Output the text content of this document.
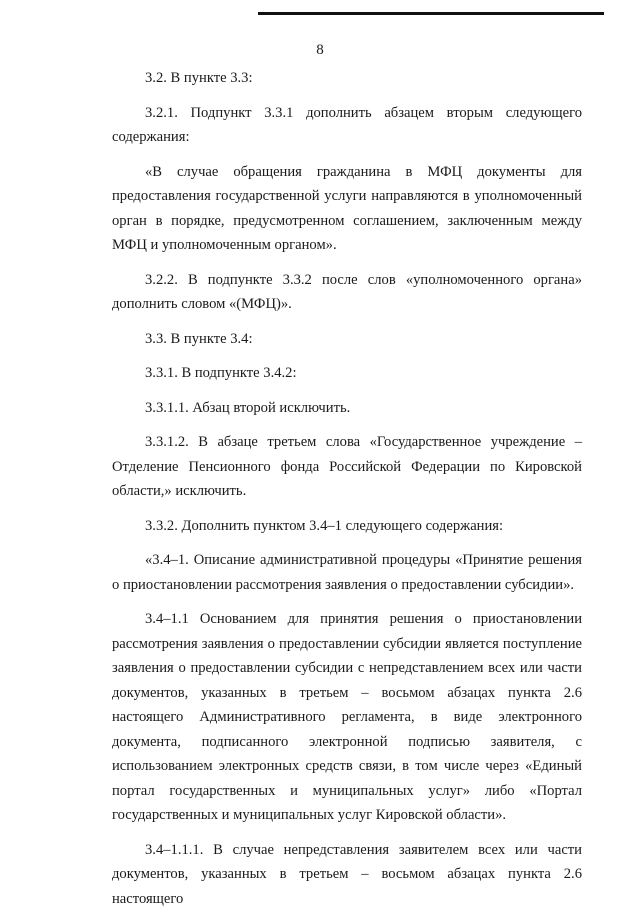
8

3.2. В пункте 3.3:

3.2.1. Подпункт 3.3.1 дополнить абзацем вторым следующего содержания:

«В случае обращения гражданина в МФЦ документы для предоставления государственной услуги направляются в уполномоченный орган в порядке, предусмотренном соглашением, заключенным между МФЦ и уполномоченным органом».

3.2.2. В подпункте 3.3.2 после слов «уполномоченного органа» дополнить словом «(МФЦ)».

3.3. В пункте 3.4:

3.3.1. В подпункте 3.4.2:

3.3.1.1. Абзац второй исключить.

3.3.1.2. В абзаце третьем слова «Государственное учреждение – Отделение Пенсионного фонда Российской Федерации по Кировской области,» исключить.

3.3.2. Дополнить пунктом 3.4–1 следующего содержания:

«3.4–1. Описание административной процедуры «Принятие решения о приостановлении рассмотрения заявления о предоставлении субсидии».

3.4–1.1 Основанием для принятия решения о приостановлении рассмотрения заявления о предоставлении субсидии является поступление заявления о предоставлении субсидии с непредставлением всех или части документов, указанных в третьем – восьмом абзацах пункта 2.6 настоящего Административного регламента, в виде электронного документа, подписанного электронной подписью заявителя, с использованием электронных средств связи, в том числе через «Единый портал государственных и муниципальных услуг» либо «Портал государственных и муниципальных услуг Кировской области».

3.4–1.1.1. В случае непредставления заявителем всех или части документов, указанных в третьем – восьмом абзацах пункта 2.6 настоящего
